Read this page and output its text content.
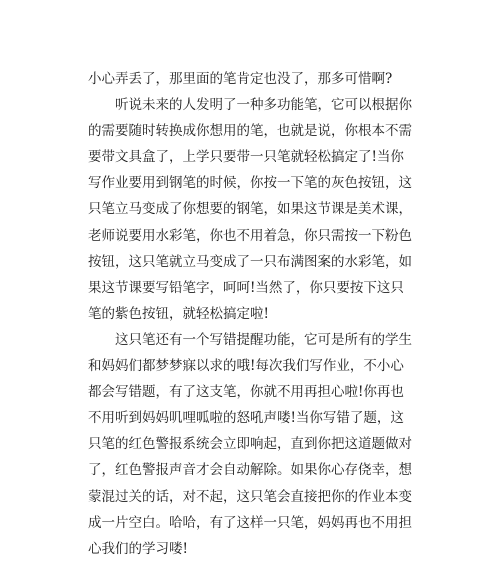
小心弄丢了，那里面的笔肯定也没了，那多可惜啊?
听说未来的人发明了一种多功能笔，它可以根据你
的需要随时转换成你想用的笔，也就是说，你根本不需
要带文具盒了，上学只要带一只笔就轻松搞定了!当你
写作业要用到钢笔的时候，你按一下笔的灰色按钮，这
只笔立马变成了你想要的钢笔，如果这节课是美术课，
老师说要用水彩笔，你也不用着急，你只需按一下粉色
按钮，这只笔就立马变成了一只布满图案的水彩笔，如
果这节课要写铅笔字，呵呵!当然了，你只要按下这只
笔的紫色按钮，就轻松搞定啦!
这只笔还有一个写错提醒功能，它可是所有的学生
和妈妈们都梦梦寐以求的哦!每次我们写作业，不小心
都会写错题，有了这支笔，你就不用再担心啦!你再也
不用听到妈妈叽哩呱啦的怒吼声喽!当你写错了题，这
只笔的红色警报系统会立即响起，直到你把这道题做对
了，红色警报声音才会自动解除。如果你心存侥幸，想
蒙混过关的话，对不起，这只笔会直接把你的作业本变
成一片空白。哈哈，有了这样一只笔，妈妈再也不用担
心我们的学习喽!
